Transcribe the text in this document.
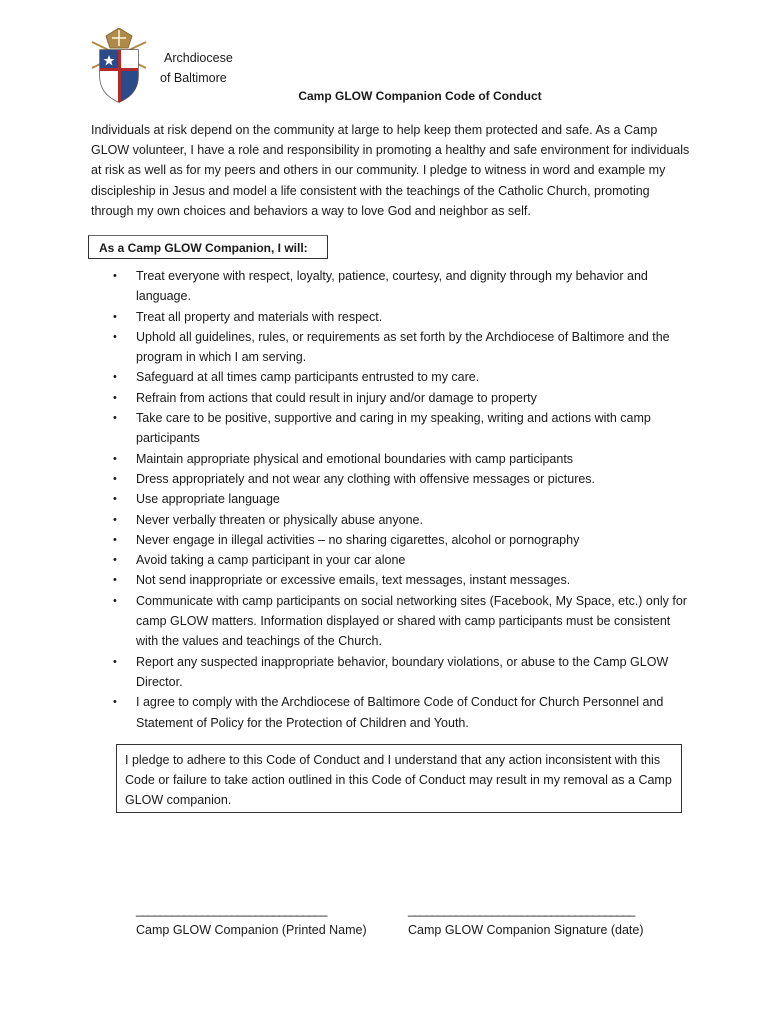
Archdiocese
of Baltimore
Camp GLOW Companion Code of Conduct
Individuals at risk depend on the community at large to help keep them protected and safe. As a Camp GLOW volunteer, I have a role and responsibility in promoting a healthy and safe environment for individuals at risk as well as for my peers and others in our community. I pledge to witness in word and example my discipleship in Jesus and model a life consistent with the teachings of the Catholic Church, promoting through my own choices and behaviors a way to love God and neighbor as self.
As a Camp GLOW Companion, I will:
• Treat everyone with respect, loyalty, patience, courtesy, and dignity through my behavior and language.
• Treat all property and materials with respect.
• Uphold all guidelines, rules, or requirements as set forth by the Archdiocese of Baltimore and the program in which I am serving.
• Safeguard at all times camp participants entrusted to my care.
• Refrain from actions that could result in injury and/or damage to property
• Take care to be positive, supportive and caring in my speaking, writing and actions with camp participants
• Maintain appropriate physical and emotional boundaries with camp participants
• Dress appropriately and not wear any clothing with offensive messages or pictures.
• Use appropriate language
• Never verbally threaten or physically abuse anyone.
• Never engage in illegal activities – no sharing cigarettes, alcohol or pornography
• Avoid taking a camp participant in your car alone
• Not send inappropriate or excessive emails, text messages, instant messages.
• Communicate with camp participants on social networking sites (Facebook, My Space, etc.) only for camp GLOW matters. Information displayed or shared with camp participants must be consistent with the values and teachings of the Church.
• Report any suspected inappropriate behavior, boundary violations, or abuse to the Camp GLOW Director.
• I agree to comply with the Archdiocese of Baltimore Code of Conduct for Church Personnel and Statement of Policy for the Protection of Children and Youth.
I pledge to adhere to this Code of Conduct and I understand that any action inconsistent with this Code or failure to take action outlined in this Code of Conduct may result in my removal as a Camp GLOW companion.
________________________________
Camp GLOW Companion (Printed Name)
______________________________________
Camp GLOW Companion Signature (date)
